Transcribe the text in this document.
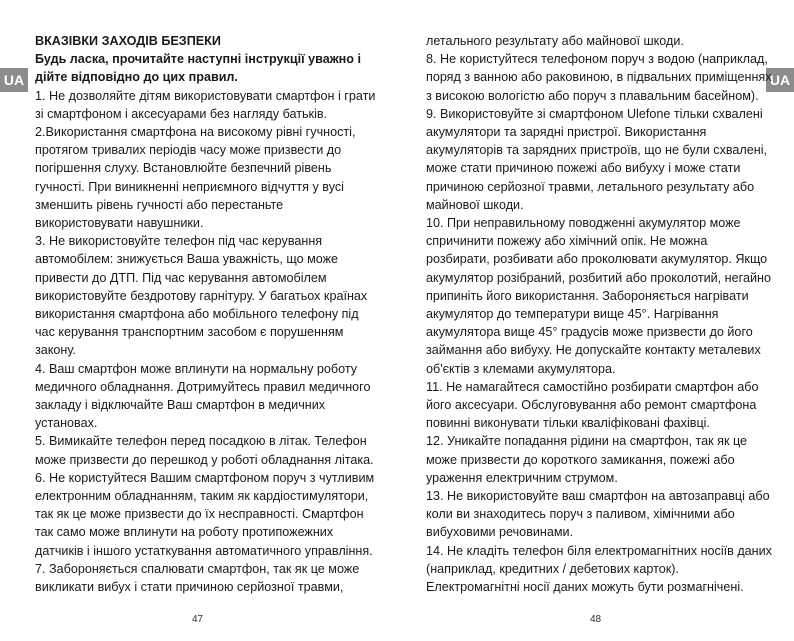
UA	UA
ВКАЗІВКИ ЗАХОДІВ БЕЗПЕКИ
Будь ласка, прочитайте наступні інструкції уважно і
дійте відповідно до цих правил.
1. Не дозволяйте дітям використовувати смартфон і грати
зі смартфоном і аксесуарами без нагляду батьків.
2.Використання смартфона на високому рівні гучності,
протягом тривалих періодів часу може призвести до
погіршення слуху. Встановлюйте безпечний рівень
гучності. При виникненні неприємного відчуття у вусі
зменшить рівень гучності або перестаньте
використовувати навушники.
3. Не використовуйте телефон під час керування
автомобілем: знижується Ваша уважність, що може
привести до ДТП. Під час керування автомобілем
використовуйте бездротову гарнітуру. У багатьох країнах
використання смартфона або мобільного телефону під
час керування транспортним засобом є порушенням
закону.
4. Ваш смартфон може вплинути на нормальну роботу
медичного обладнання. Дотримуйтесь правил медичного
закладу і відключайте Ваш смартфон в медичних
установах.
5. Вимикайте телефон перед посадкою в літак. Телефон
може призвести до перешкод у роботі обладнання літака.
6. Не користуйтеся Вашим смартфоном поруч з чутливим
електронним обладнанням, таким як кардіостимулятори,
так як це може призвести до їх несправності. Смартфон
так само може вплинути на роботу протипожежних
датчиків і іншого устаткування автоматичного управління.
7. Забороняється спалювати смартфон, так як це може
викликати вибух і стати причиною серйозної травми,
летального результату або майнової шкоди.
8. Не користуйтеся телефоном поруч з водою (наприклад,
поряд з ванною або раковиною, в підвальних приміщеннях
з високою вологістю або поруч з плавальним басейном).
9. Використовуйте зі смартфоном Ulefone тільки схвалені
акумулятори та зарядні пристрої. Використання
акумуляторів та зарядних пристроїв, що не були схвалені,
може стати причиною пожежі або вибуху і може стати
причиною серйозної травми, летального результату або
майнової шкоди.
10. При неправильному поводженні акумулятор може
спричинити пожежу або хімічний опік. Не можна
розбирати, розбивати або проколювати акумулятор. Якщо
акумулятор розібраний, розбитий або проколотий, негайно
припиніть його використання. Забороняється нагрівати
акумулятор до температури вище 45°. Нагрівання
акумулятора вище 45° градусів може призвести до його
займання або вибуху. Не допускайте контакту металевих
об'єктів з клемами акумулятора.
11. Не намагайтеся самостійно розбирати смартфон або
його аксесуари. Обслуговування або ремонт смартфона
повинні виконувати тільки кваліфіковані фахівці.
12. Уникайте попадання рідини на смартфон, так як це
може призвести до короткого замикання, пожежі або
ураження електричним струмом.
13. Не використовуйте ваш смартфон на автозаправці або
коли ви знаходитесь поруч з паливом, хімічними або
вибуховими речовинами.
14. Не кладіть телефон біля електромагнітних носіїв даних
(наприклад, кредитних / дебетових карток).
Електромагнітні носії даних можуть бути розмагнічені.
47	48
